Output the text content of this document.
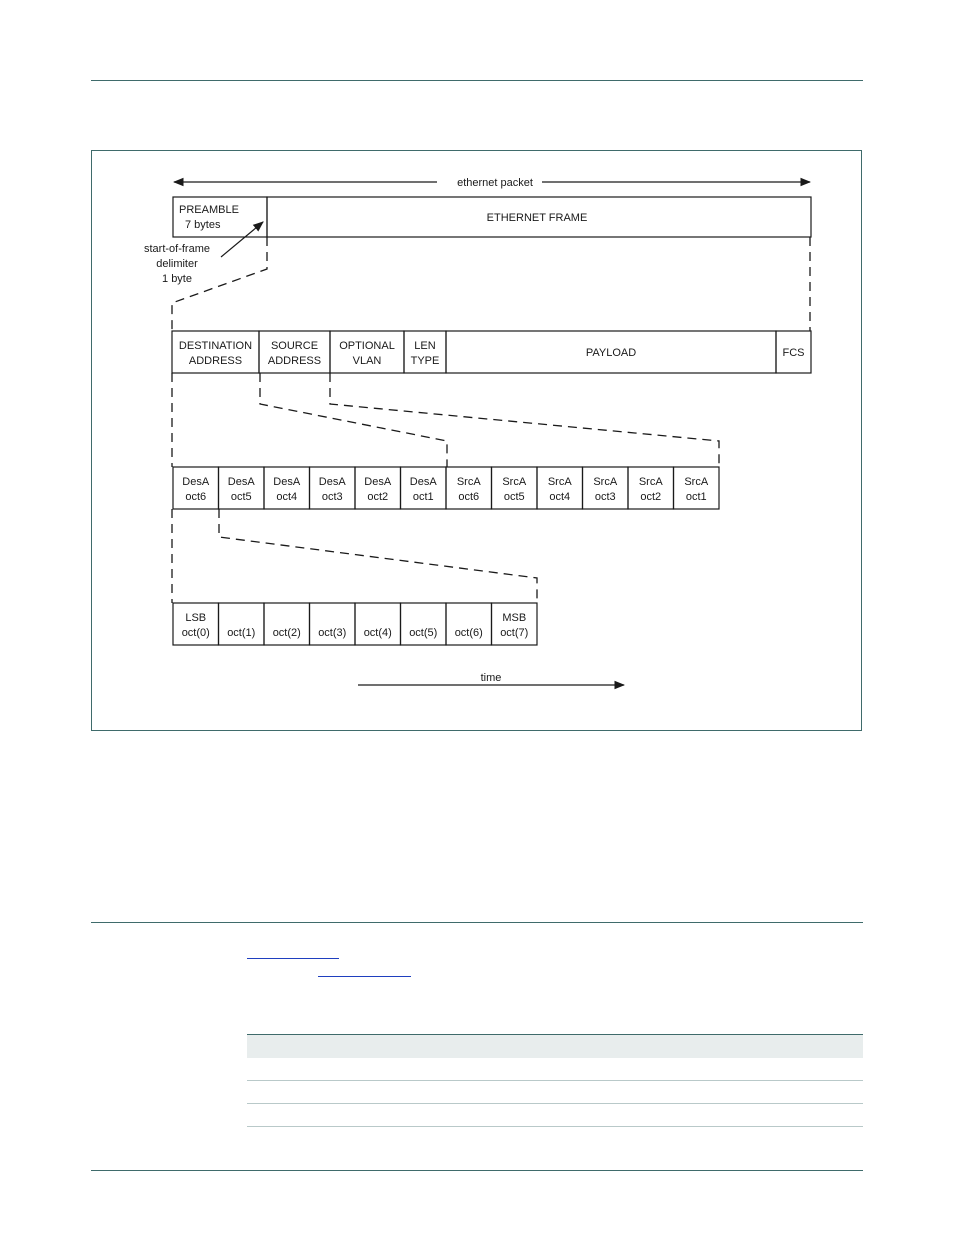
ethernet packet
PREAMBLE
7 bytes
ETHERNET FRAME
start-of-frame
delimiter
1 byte
DESTINATION
ADDRESS
SOURCE
ADDRESS
OPTIONAL
VLAN
LEN
TYPE
PAYLOAD	FCS
DesA
oct6
DesA
oct5
DesA
oct4
DesA
oct3
DesA
oct2
DesA
oct1
SrcA
oct6
SrcA
oct5
SrcA
oct4
SrcA
oct3
SrcA
oct2
SrcA
oct1
LSB
oct(0) oct(1) oct(2) oct(3) oct(4) oct(5) oct(6)
MSB
oct(7)
time
